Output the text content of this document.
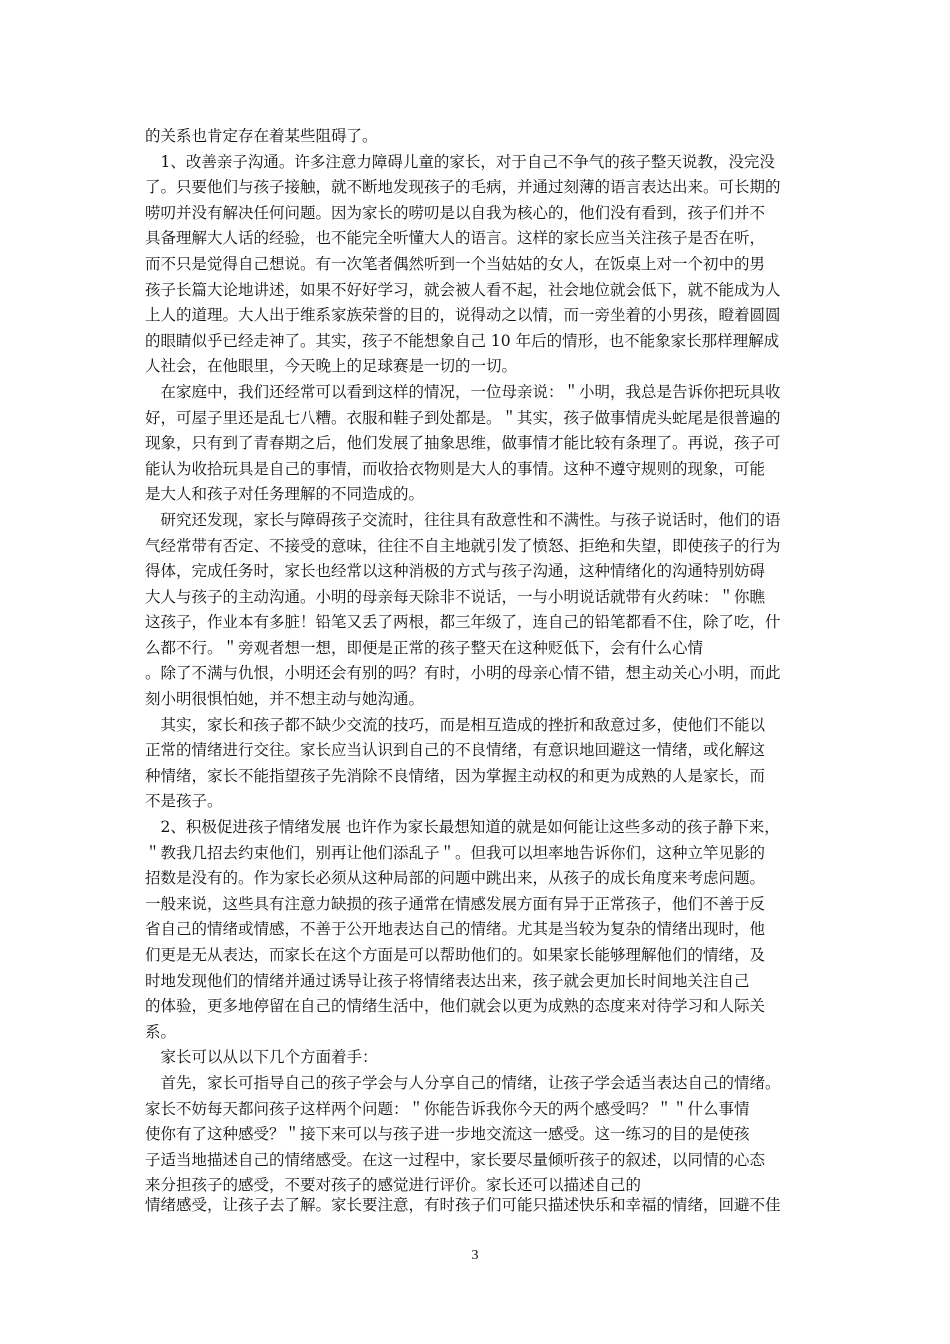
的关系也肯定存在着某些阻碍了。
　1、改善亲子沟通。许多注意力障碍儿童的家长，对于自己不争气的孩子整天说教，没完没
了。只要他们与孩子接触，就不断地发现孩子的毛病，并通过刻薄的语言表达出来。可长期的
唠叨并没有解决任何问题。因为家长的唠叨是以自我为核心的，他们没有看到，孩子们并不
具备理解大人话的经验，也不能完全听懂大人的语言。这样的家长应当关注孩子是否在听，
而不只是觉得自己想说。有一次笔者偶然听到一个当姑姑的女人，在饭桌上对一个初中的男
孩子长篇大论地讲述，如果不好好学习，就会被人看不起，社会地位就会低下，就不能成为人
上人的道理。大人出于维系家族荣誉的目的，说得动之以情，而一旁坐着的小男孩，瞪着圆圆
的眼睛似乎已经走神了。其实，孩子不能想象自己 10 年后的情形，也不能象家长那样理解成
人社会，在他眼里，今天晚上的足球赛是一切的一切。
　在家庭中，我们还经常可以看到这样的情况，一位母亲说：＂小明，我总是告诉你把玩具收
好，可屋子里还是乱七八糟。衣服和鞋子到处都是。＂其实，孩子做事情虎头蛇尾是很普遍的
现象，只有到了青春期之后，他们发展了抽象思维，做事情才能比较有条理了。再说，孩子可
能认为收拾玩具是自己的事情，而收拾衣物则是大人的事情。这种不遵守规则的现象，可能
是大人和孩子对任务理解的不同造成的。
　研究还发现，家长与障碍孩子交流时，往往具有敌意性和不满性。与孩子说话时，他们的语
气经常带有否定、不接受的意味，往往不自主地就引发了愤怒、拒绝和失望，即使孩子的行为
得体，完成任务时，家长也经常以这种消极的方式与孩子沟通，这种情绪化的沟通特别妨碍
大人与孩子的主动沟通。小明的母亲每天除非不说话，一与小明说话就带有火药味：＂你瞧
这孩子，作业本有多脏！铅笔又丢了两根，都三年级了，连自己的铅笔都看不住，除了吃，什
么都不行。＂旁观者想一想，即便是正常的孩子整天在这种贬低下，会有什么心情
。除了不满与仇恨，小明还会有别的吗？有时，小明的母亲心情不错，想主动关心小明，而此
刻小明很惧怕她，并不想主动与她沟通。
　其实，家长和孩子都不缺少交流的技巧，而是相互造成的挫折和敌意过多，使他们不能以
正常的情绪进行交往。家长应当认识到自己的不良情绪，有意识地回避这一情绪，或化解这
种情绪，家长不能指望孩子先消除不良情绪，因为掌握主动权的和更为成熟的人是家长，而
不是孩子。
　2、积极促进孩子情绪发展 也许作为家长最想知道的就是如何能让这些多动的孩子静下来，
＂教我几招去约束他们，别再让他们添乱子＂。但我可以坦率地告诉你们，这种立竿见影的
招数是没有的。作为家长必须从这种局部的问题中跳出来，从孩子的成长角度来考虑问题。
一般来说，这些具有注意力缺损的孩子通常在情感发展方面有异于正常孩子，他们不善于反
省自己的情绪或情感，不善于公开地表达自己的情绪。尤其是当较为复杂的情绪出现时，他
们更是无从表达，而家长在这个方面是可以帮助他们的。如果家长能够理解他们的情绪，及
时地发现他们的情绪并通过诱导让孩子将情绪表达出来，孩子就会更加长时间地关注自己
的体验，更多地停留在自己的情绪生活中，他们就会以更为成熟的态度来对待学习和人际关
系。
　家长可以从以下几个方面着手：
　首先，家长可指导自己的孩子学会与人分享自己的情绪，让孩子学会适当表达自己的情绪。
家长不妨每天都问孩子这样两个问题：＂你能告诉我你今天的两个感受吗？＂＂什么事情
使你有了这种感受？＂接下来可以与孩子进一步地交流这一感受。这一练习的目的是使孩
子适当地描述自己的情绪感受。在这一过程中，家长要尽量倾听孩子的叙述，以同情的心态
来分担孩子的感受，不要对孩子的感觉进行评价。家长还可以描述自己的
情绪感受，让孩子去了解。家长要注意，有时孩子们可能只描述快乐和幸福的情绪，回避不佳
3
